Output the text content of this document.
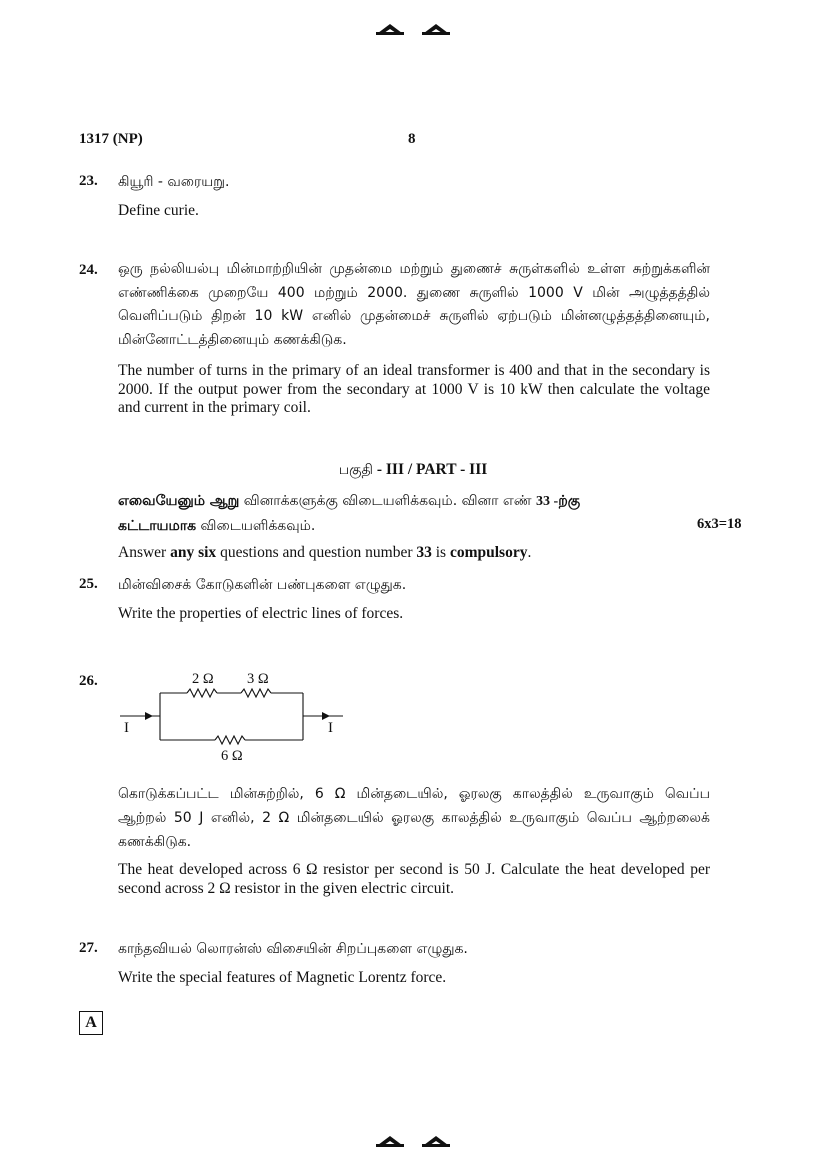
1317 (NP)	8
23. கியூரி - வரையறு.
Define curie.
24. ஒரு நல்லியல்பு மின்மாற்றியின் முதன்மை மற்றும் துணைச் சுருள்களில் உள்ள சுற்றுக்களின் எண்ணிக்கை முறையே 400 மற்றும் 2000. துணை சுருளில் 1000 V மின் அழுத்தத்தில் வெளிப்படும் திறன் 10 kW எனில் முதன்மைச் சுருளில் ஏற்படும் மின்னழுத்தத்தினையும், மின்னோட்டத்தினையும் கணக்கிடுக.
The number of turns in the primary of an ideal transformer is 400 and that in the secondary is 2000. If the output power from the secondary at 1000 V is 10 kW then calculate the voltage and current in the primary coil.
பகுதி - III / PART - III
எவையேனும் ஆறு வினாக்களுக்கு விடையளிக்கவும். வினா எண் 33 -ற்கு
கட்டாயமாக விடையளிக்கவும்.	6x3=18
Answer any six questions and question number 33 is compulsory.
25. மின்விசைக் கோடுகளின் பண்புகளை எழுதுக.
Write the properties of electric lines of forces.
26.	2 Ω 3 Ω
6 Ω
I	I
கொடுக்கப்பட்ட மின்சுற்றில், 6 Ω மின்தடையில், ஓரலகு காலத்தில் உருவாகும் வெப்ப ஆற்றல் 50 J எனில், 2 Ω மின்தடையில் ஓரலகு காலத்தில் உருவாகும் வெப்ப ஆற்றலைக் கணக்கிடுக.
The heat developed across 6 Ω resistor per second is 50 J. Calculate the heat developed per second across 2 Ω resistor in the given electric circuit.
27. காந்தவியல் லொரன்ஸ் விசையின் சிறப்புகளை எழுதுக.
Write the special features of Magnetic Lorentz force.
A
